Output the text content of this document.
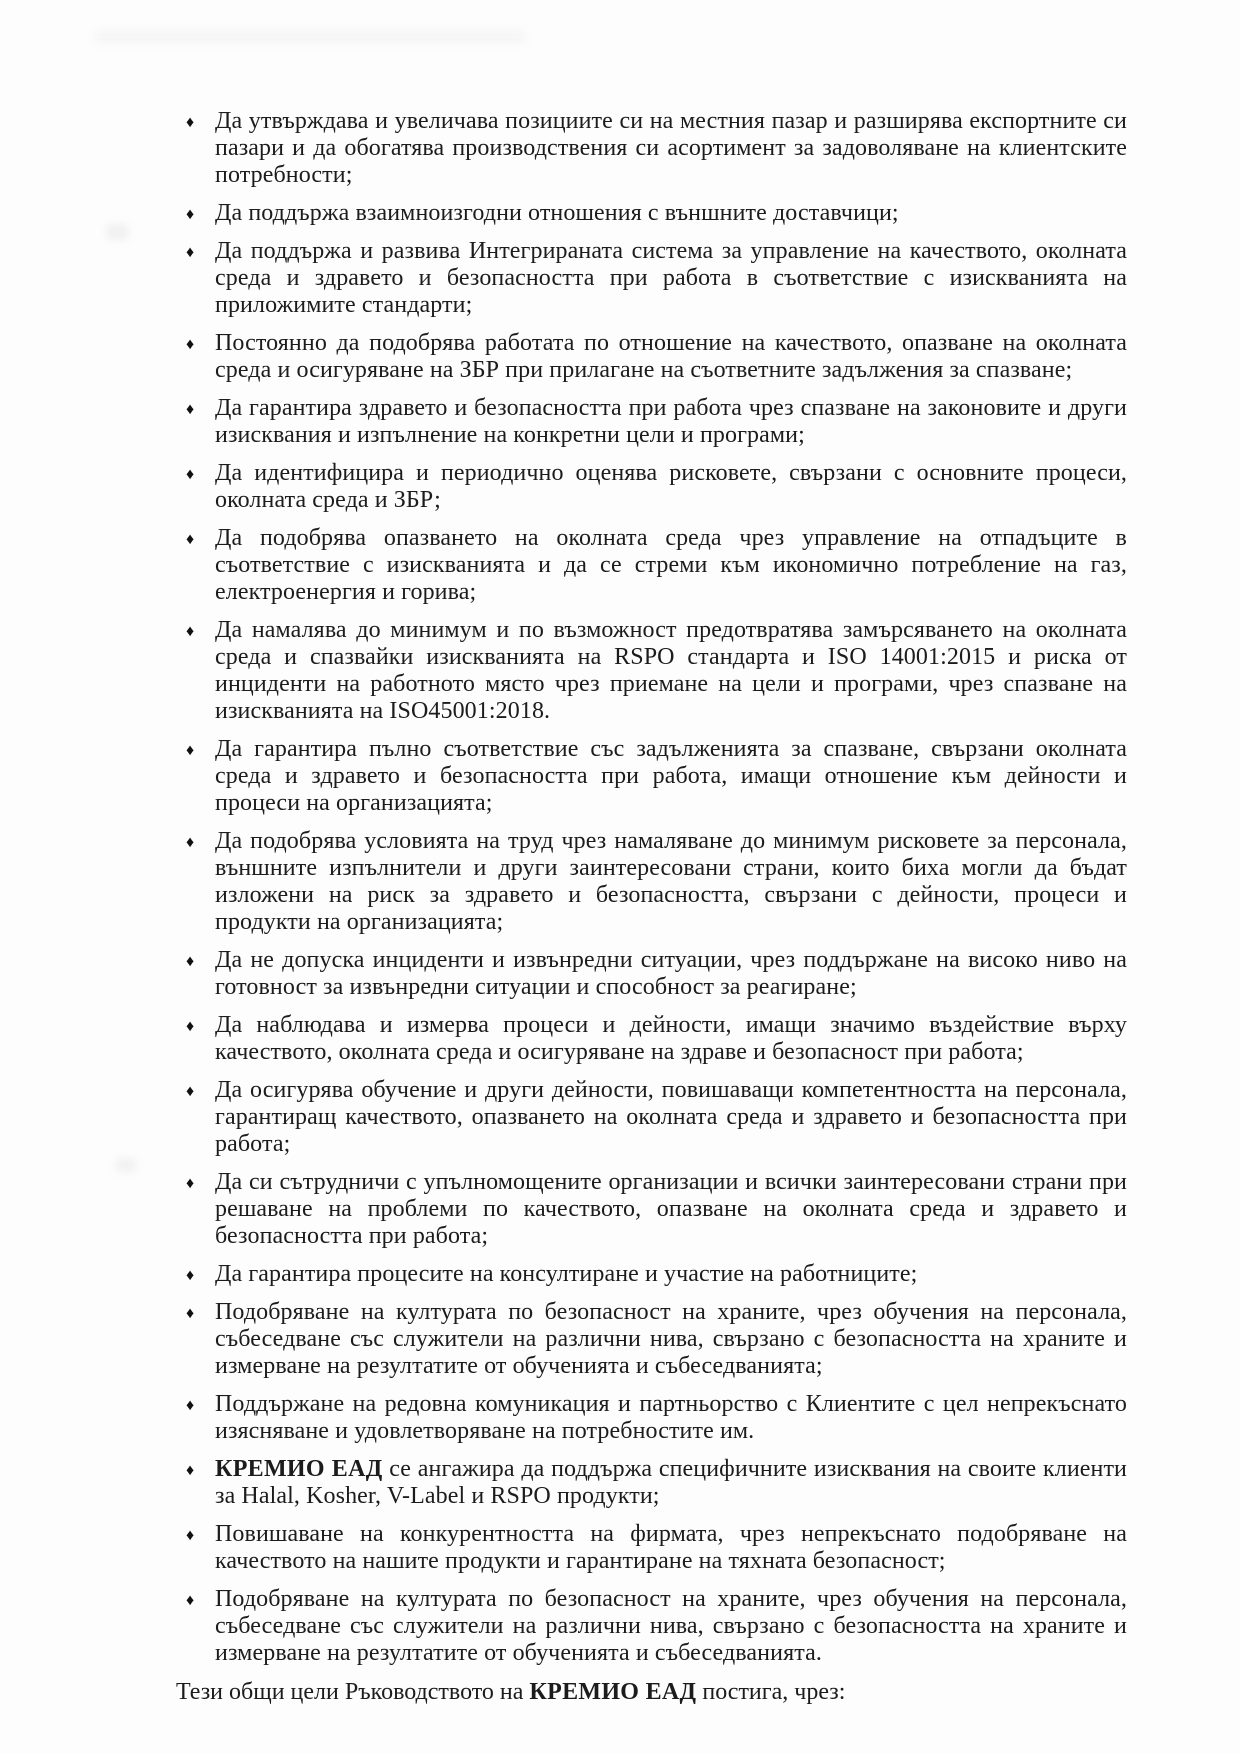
♦ Да утвърждава и увеличава позициите си на местния пазар и разширява експортните си пазари и да обогатява производствения си асортимент за задоволяване на клиентските потребности;
♦ Да поддържа взаимноизгодни отношения с външните доставчици;
♦ Да поддържа и развива Интегрираната система за управление на качеството, околната среда и здравето и безопасността при работа в съответствие с изискванията на приложимите стандарти;
♦ Постоянно да подобрява работата по отношение на качеството, опазване на околната среда и осигуряване на ЗБР при прилагане на съответните задължения за спазване;
♦ Да гарантира здравето и безопасността при работа чрез спазване на законовите и други изисквания и изпълнение на конкретни цели и програми;
♦ Да идентифицира и периодично оценява рисковете, свързани с основните процеси, околната среда и ЗБР;
♦ Да подобрява опазването на околната среда чрез управление на отпадъците в съответствие с изискванията и да се стреми към икономично потребление на газ, електроенергия и горива;
♦ Да намалява до минимум и по възможност предотвратява замърсяването на околната среда и спазвайки изискванията на RSPO стандарта и ISO 14001:2015 и риска от инциденти на работното място чрез приемане на цели и програми, чрез спазване на изискванията на ISO45001:2018.
♦ Да гарантира пълно съответствие със задълженията за спазване, свързани околната среда и здравето и безопасността при работа, имащи отношение към дейности и процеси на организацията;
♦ Да подобрява условията на труд чрез намаляване до минимум рисковете за персонала, външните изпълнители и други заинтересовани страни, които биха могли да бъдат изложени на риск за здравето и безопасността, свързани с дейности, процеси и продукти на организацията;
♦ Да не допуска инциденти и извънредни ситуации, чрез поддържане на високо ниво на готовност за извънредни ситуации и способност за реагиране;
♦ Да наблюдава и измерва процеси и дейности, имащи значимо въздействие върху качеството, околната среда и осигуряване на здраве и безопасност при работа;
♦ Да осигурява обучение и други дейности, повишаващи компетентността на персонала, гарантиращ качеството, опазването на околната среда и здравето и безопасността при работа;
♦ Да си сътрудничи с упълномощените организации и всички заинтересовани страни при решаване на проблеми по качеството, опазване на околната среда и здравето и безопасността при работа;
♦ Да гарантира процесите на консултиране и участие на работниците;
♦ Подобряване на културата по безопасност на храните, чрез обучения на персонала, събеседване със служители на различни нива, свързано с безопасността на храните и измерване на резултатите от обученията и събеседванията;
♦ Поддържане на редовна комуникация и партньорство с Клиентите с цел непрекъснато изясняване и удовлетворяване на потребностите им.
♦ КРЕМИО ЕАД се ангажира да поддържа специфичните изисквания на своите клиенти за Halal, Kosher, V-Label и RSPO продукти;
♦ Повишаване на конкурентността на фирмата, чрез непрекъснато подобряване на качеството на нашите продукти и гарантиране на тяхната безопасност;
♦ Подобряване на културата по безопасност на храните, чрез обучения на персонала, събеседване със служители на различни нива, свързано с безопасността на храните и измерване на резултатите от обученията и събеседванията.

Тези общи цели Ръководството на КРЕМИО ЕАД постига, чрез:
